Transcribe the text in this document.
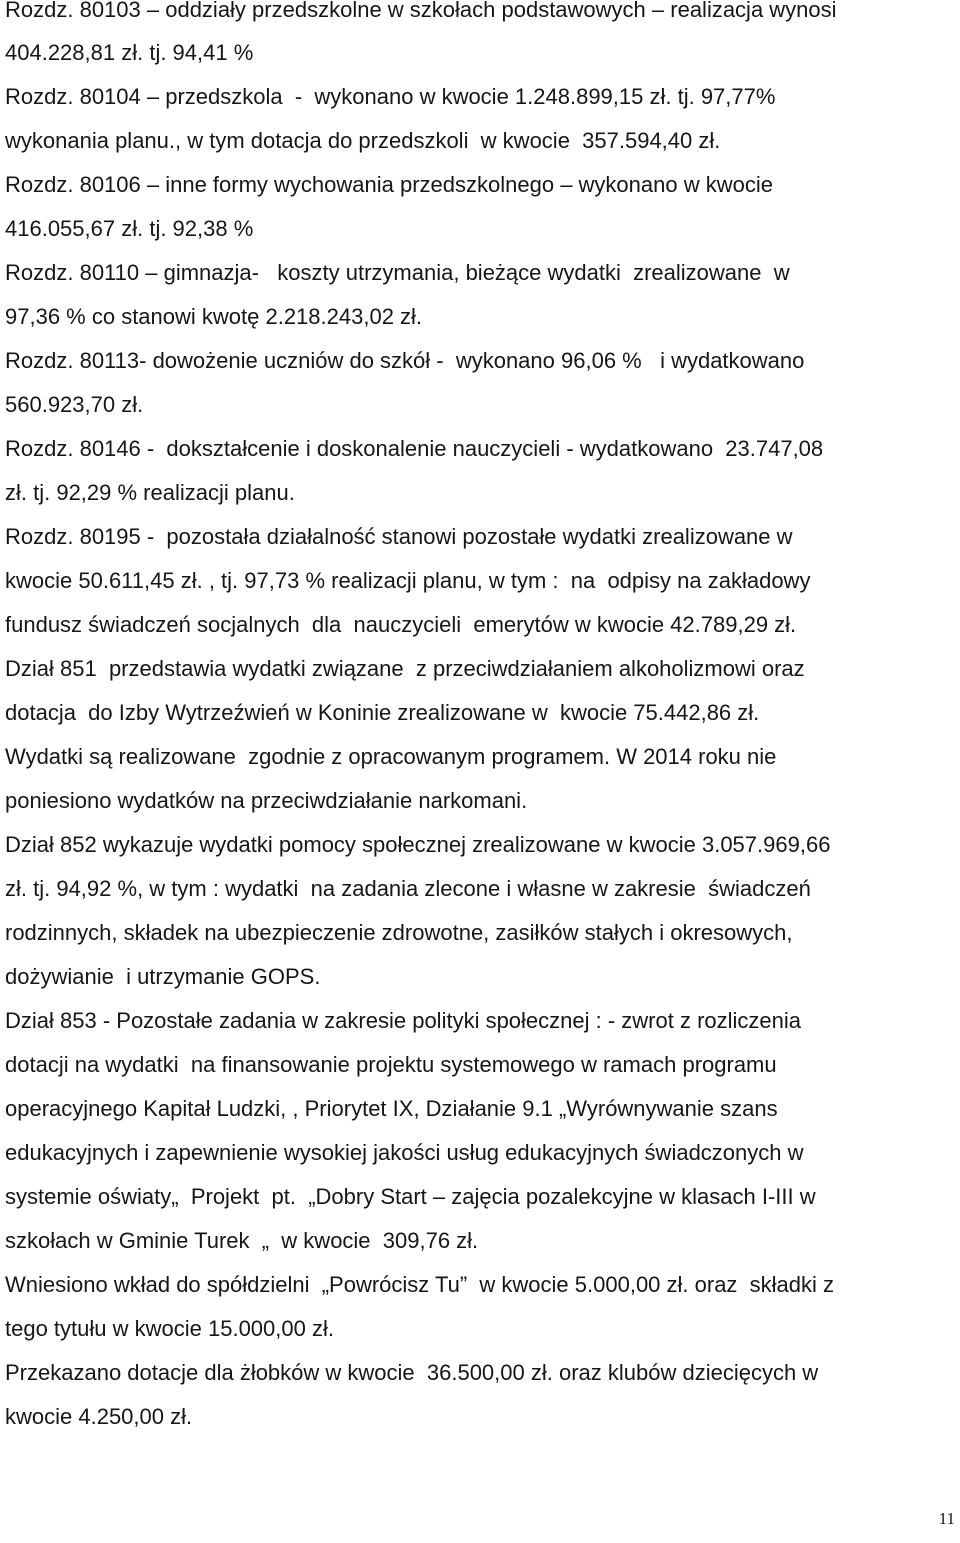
Rozdz. 80103 – oddziały przedszkolne w szkołach podstawowych – realizacja wynosi
404.228,81 zł. tj. 94,41 %
Rozdz. 80104 – przedszkola  -  wykonano w kwocie 1.248.899,15 zł. tj. 97,77%
wykonania planu., w tym dotacja do przedszkoli  w kwocie  357.594,40 zł.
Rozdz. 80106 – inne formy wychowania przedszkolnego – wykonano w kwocie
416.055,67 zł. tj. 92,38 %
Rozdz. 80110 – gimnazja-   koszty utrzymania, bieżące wydatki  zrealizowane  w
97,36 % co stanowi kwotę 2.218.243,02 zł.
Rozdz. 80113- dowożenie uczniów do szkół -  wykonano 96,06 %   i wydatkowano
560.923,70 zł.
Rozdz. 80146 -  dokształcenie i doskonalenie nauczycieli - wydatkowano  23.747,08
zł. tj. 92,29 % realizacji planu.
Rozdz. 80195 -  pozostała działalność stanowi pozostałe wydatki zrealizowane w
kwocie 50.611,45 zł. , tj. 97,73 % realizacji planu, w tym :  na  odpisy na zakładowy
fundusz świadczeń socjalnych  dla  nauczycieli  emerytów w kwocie 42.789,29 zł.
Dział 851  przedstawia wydatki związane  z przeciwdziałaniem alkoholizmowi oraz
dotacja  do Izby Wytrzeźwień w Koninie zrealizowane w  kwocie 75.442,86 zł.
Wydatki są realizowane  zgodnie z opracowanym programem. W 2014 roku nie
poniesiono wydatków na przeciwdziałanie narkomani.
Dział 852 wykazuje wydatki pomocy społecznej zrealizowane w kwocie 3.057.969,66
zł. tj. 94,92 %, w tym : wydatki  na zadania zlecone i własne w zakresie  świadczeń
rodzinnych, składek na ubezpieczenie zdrowotne, zasiłków stałych i okresowych,
dożywianie  i utrzymanie GOPS.
Dział 853 - Pozostałe zadania w zakresie polityki społecznej : - zwrot z rozliczenia
dotacji na wydatki  na finansowanie projektu systemowego w ramach programu
operacyjnego Kapitał Ludzki, , Priorytet IX, Działanie 9.1 „Wyrównywanie szans
edukacyjnych i zapewnienie wysokiej jakości usług edukacyjnych świadczonych w
systemie oświaty„  Projekt  pt.  „Dobry Start – zajęcia pozalekcyjne w klasach I-III w
szkołach w Gminie Turek  „  w kwocie  309,76 zł.
Wniesiono wkład do spółdzielni  „Powrócisz Tu”  w kwocie 5.000,00 zł. oraz  składki z
tego tytułu w kwocie 15.000,00 zł.
Przekazano dotacje dla żłobków w kwocie  36.500,00 zł. oraz klubów dziecięcych w
kwocie 4.250,00 zł.
11
